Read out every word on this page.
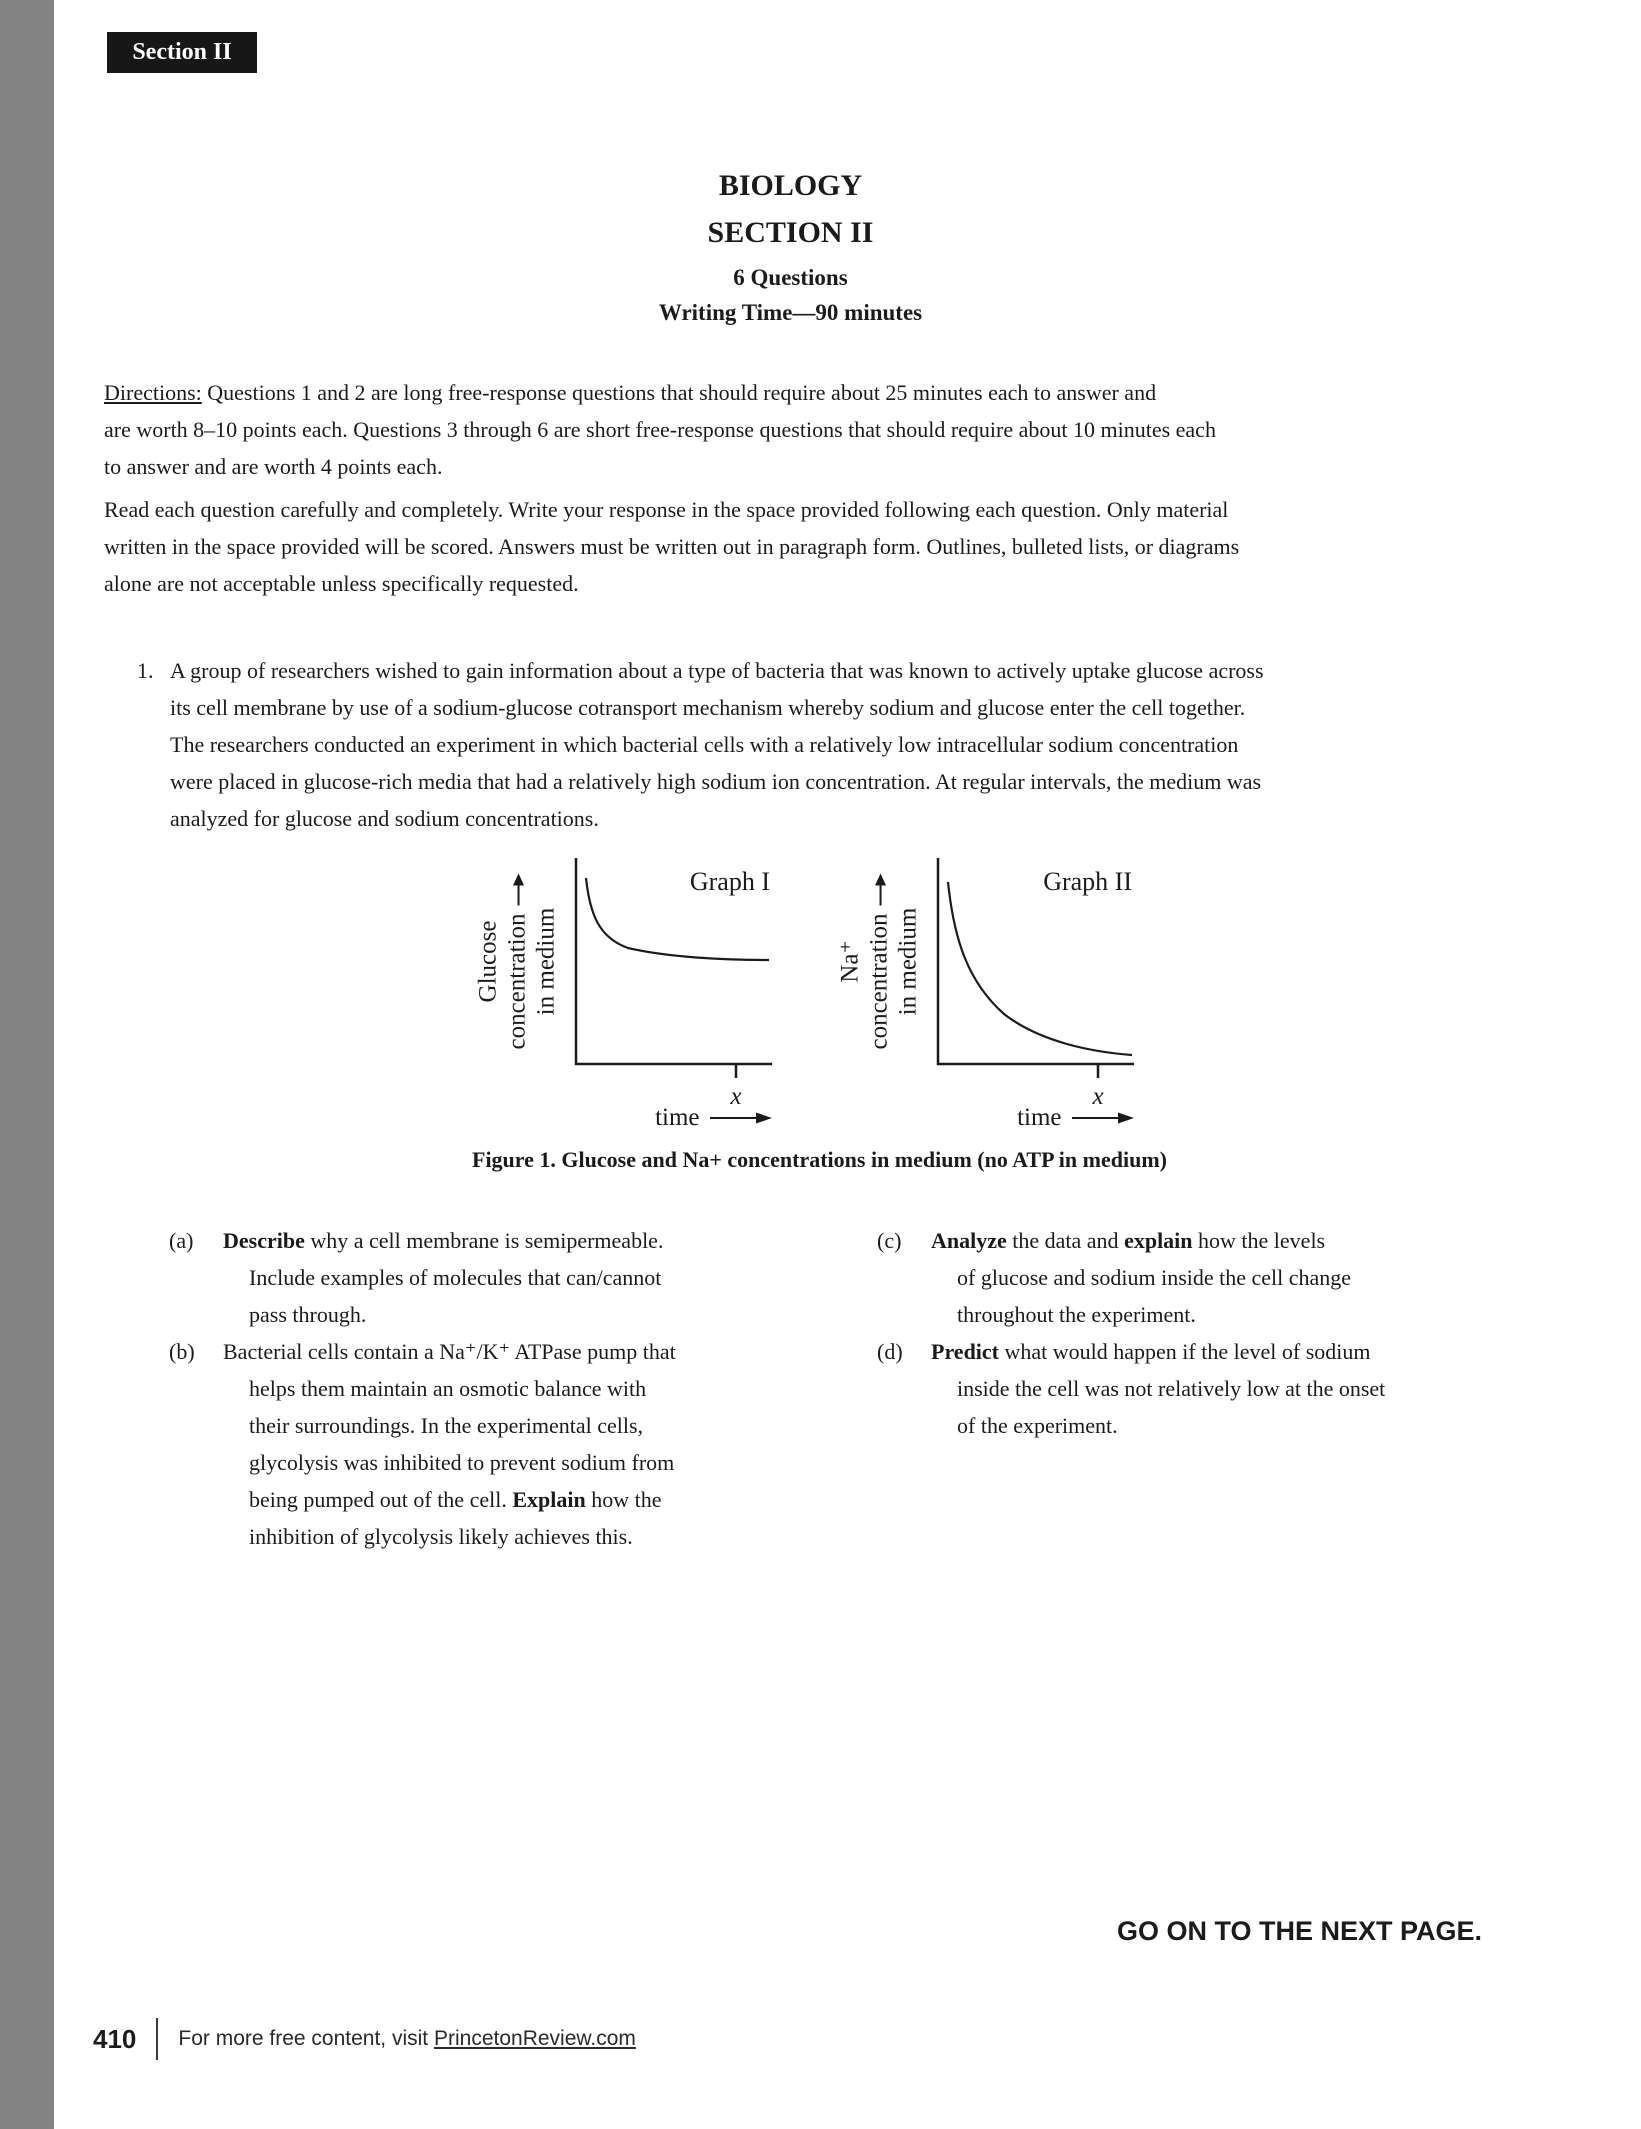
Section II
BIOLOGY
SECTION II
6 Questions
Writing Time—90 minutes
Directions: Questions 1 and 2 are long free-response questions that should require about 25 minutes each to answer and
are worth 8–10 points each. Questions 3 through 6 are short free-response questions that should require about 10 minutes each
to answer and are worth 4 points each.
Read each question carefully and completely. Write your response in the space provided following each question. Only material
written in the space provided will be scored. Answers must be written out in paragraph form. Outlines, bulleted lists, or diagrams
alone are not acceptable unless specifically requested.
1. A group of researchers wished to gain information about a type of bacteria that was known to actively uptake glucose across
its cell membrane by use of a sodium-glucose cotransport mechanism whereby sodium and glucose enter the cell together.
The researchers conducted an experiment in which bacterial cells with a relatively low intracellular sodium concentration
were placed in glucose-rich media that had a relatively high sodium ion concentration. At regular intervals, the medium was
analyzed for glucose and sodium concentrations.
Glucose concentration in medium
Graph I
x
time
Na⁺ concentration in medium
Graph II
x
time
Figure 1. Glucose and Na+ concentrations in medium (no ATP in medium)
(a)	Describe why a cell membrane is semipermeable.
Include examples of molecules that can/cannot
pass through.
(b)	Bacterial cells contain a Na⁺/K⁺ ATPase pump that
helps them maintain an osmotic balance with
their surroundings. In the experimental cells,
glycolysis was inhibited to prevent sodium from
being pumped out of the cell. Explain how the
inhibition of glycolysis likely achieves this.
(c)	Analyze the data and explain how the levels
of glucose and sodium inside the cell change
throughout the experiment.
(d)	Predict what would happen if the level of sodium
inside the cell was not relatively low at the onset
of the experiment.
GO ON TO THE NEXT PAGE.
410 For more free content, visit PrincetonReview.com
